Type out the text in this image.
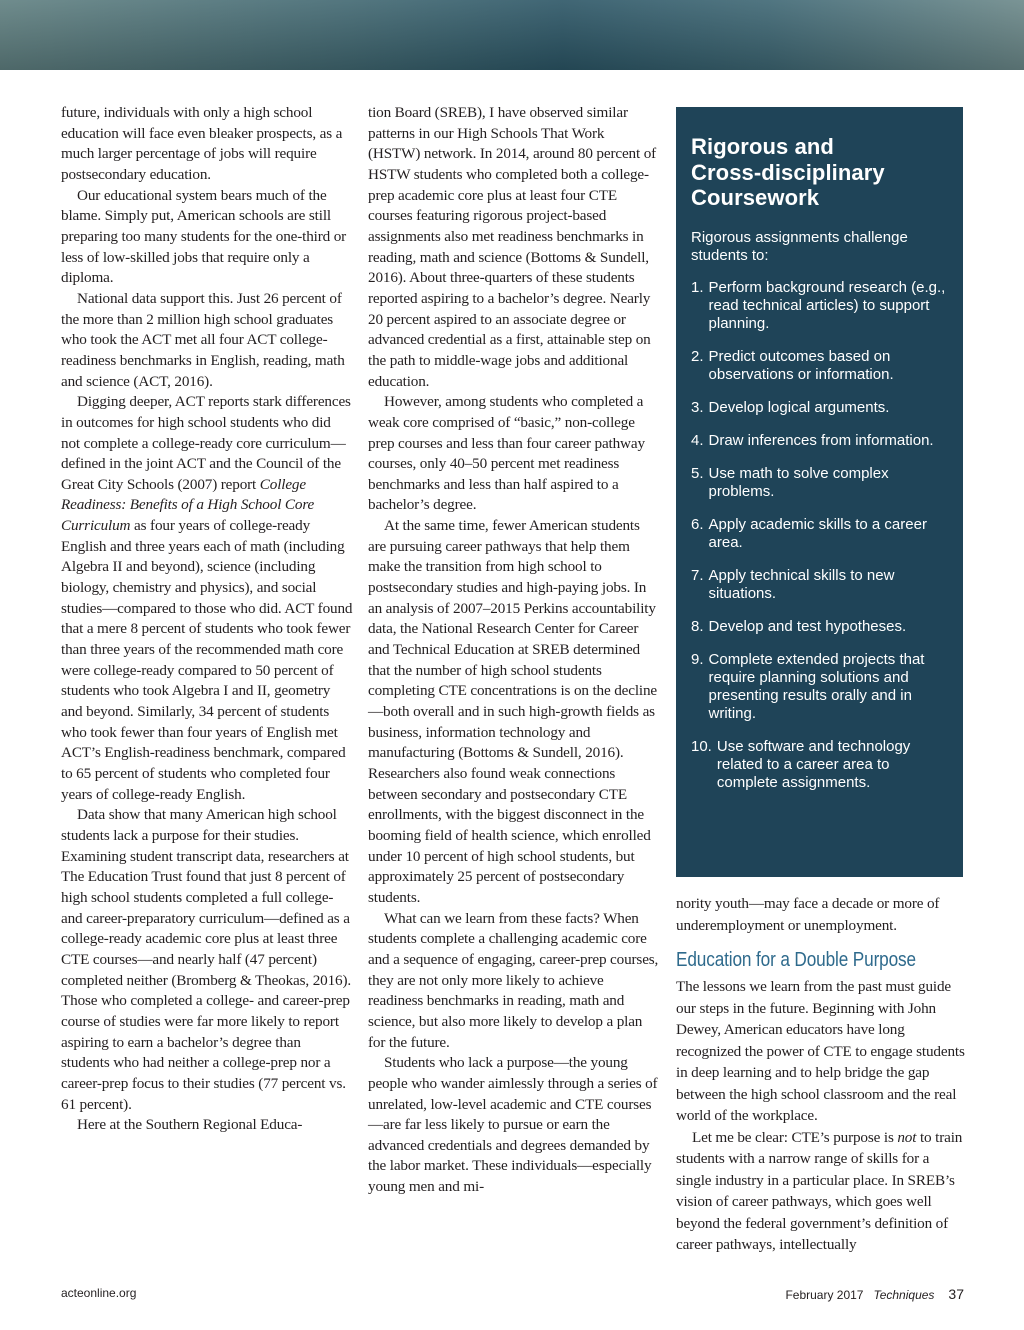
future, individuals with only a high school education will face even bleaker prospects, as a much larger percentage of jobs will require postsecondary education.

Our educational system bears much of the blame. Simply put, American schools are still preparing too many students for the one-third or less of low-skilled jobs that require only a diploma.

National data support this. Just 26 percent of the more than 2 million high school graduates who took the ACT met all four ACT college-readiness benchmarks in English, reading, math and science (ACT, 2016).

Digging deeper, ACT reports stark differences in outcomes for high school students who did not complete a college-ready core curriculum—defined in the joint ACT and the Council of the Great City Schools (2007) report College Readiness: Benefits of a High School Core Curriculum as four years of college-ready English and three years each of math (including Algebra II and beyond), science (including biology, chemistry and physics), and social studies—compared to those who did. ACT found that a mere 8 percent of students who took fewer than three years of the recommended math core were college-ready compared to 50 percent of students who took Algebra I and II, geometry and beyond. Similarly, 34 percent of students who took fewer than four years of English met ACT’s English-readiness benchmark, compared to 65 percent of students who completed four years of college-ready English.

Data show that many American high school students lack a purpose for their studies. Examining student transcript data, researchers at The Education Trust found that just 8 percent of high school students completed a full college- and career-preparatory curriculum—defined as a college-ready academic core plus at least three CTE courses—and nearly half (47 percent) completed neither (Bromberg & Theokas, 2016). Those who completed a college- and career-prep course of studies were far more likely to report aspiring to earn a bachelor’s degree than students who had neither a college-prep nor a career-prep focus to their studies (77 percent vs. 61 percent).

Here at the Southern Regional Educa-

tion Board (SREB), I have observed similar patterns in our High Schools That Work (HSTW) network. In 2014, around 80 percent of HSTW students who completed both a college-prep academic core plus at least four CTE courses featuring rigorous project-based assignments also met readiness benchmarks in reading, math and science (Bottoms & Sundell, 2016). About three-quarters of these students reported aspiring to a bachelor’s degree. Nearly 20 percent aspired to an associate degree or advanced credential as a first, attainable step on the path to middle-wage jobs and additional education.

However, among students who completed a weak core comprised of “basic,” non-college prep courses and less than four career pathway courses, only 40–50 percent met readiness benchmarks and less than half aspired to a bachelor’s degree.

At the same time, fewer American students are pursuing career pathways that help them make the transition from high school to postsecondary studies and high-paying jobs. In an analysis of 2007–2015 Perkins accountability data, the National Research Center for Career and Technical Education at SREB determined that the number of high school students completing CTE concentrations is on the decline—both overall and in such high-growth fields as business, information technology and manufacturing (Bottoms & Sundell, 2016). Researchers also found weak connections between secondary and postsecondary CTE enrollments, with the biggest disconnect in the booming field of health science, which enrolled under 10 percent of high school students, but approximately 25 percent of postsecondary students.

What can we learn from these facts? When students complete a challenging academic core and a sequence of engaging, career-prep courses, they are not only more likely to achieve readiness benchmarks in reading, math and science, but also more likely to develop a plan for the future.

Students who lack a purpose—the young people who wander aimlessly through a series of unrelated, low-level academic and CTE courses—are far less likely to pursue or earn the advanced credentials and degrees demanded by the labor market. These individuals—especially young men and mi-

Rigorous and
Cross-disciplinary
Coursework

Rigorous assignments challenge students to:

1. Perform background research (e.g., read technical articles) to support planning.
2. Predict outcomes based on observations or information.
3. Develop logical arguments.
4. Draw inferences from information.
5. Use math to solve complex problems.
6. Apply academic skills to a career area.
7. Apply technical skills to new situations.
8. Develop and test hypotheses.
9. Complete extended projects that require planning solutions and presenting results orally and in writing.
10. Use software and technology related to a career area to complete assignments.

nority youth—may face a decade or more of underemployment or unemployment.

Education for a Double Purpose

The lessons we learn from the past must guide our steps in the future. Beginning with John Dewey, American educators have long recognized the power of CTE to engage students in deep learning and to help bridge the gap between the high school classroom and the real world of the workplace.

Let me be clear: CTE’s purpose is not to train students with a narrow range of skills for a single industry in a particular place. In SREB’s vision of career pathways, which goes well beyond the federal government’s definition of career pathways, intellectually

acteonline.org	February 2017 Techniques 37
